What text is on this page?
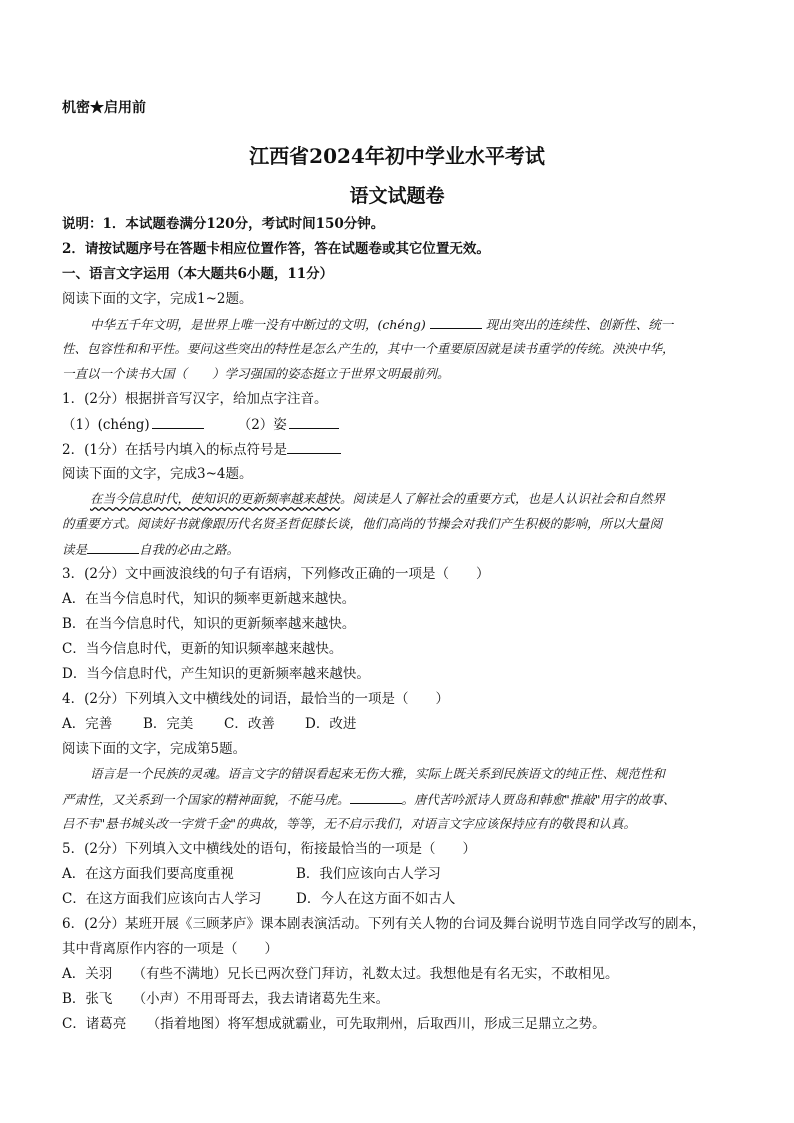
机密★启用前
江西省2024年初中学业水平考试
语文试题卷
说明：1．本试题卷满分120分，考试时间150分钟。
2．请按试题序号在答题卡相应位置作答，答在试题卷或其它位置无效。
一、语言文字运用（本大题共6小题，11分）
阅读下面的文字，完成1~2题。
中华五千年文明，是世界上唯一没有中断过的文明，(chéng)	现出突出的连续性、创新性、统一
性、包容性和和平性。要问这些突出的特性是怎么产生的，其中一个重要原因就是读书重学的传统。泱泱中华，
一直以一个读书大国（　　）学习强国的姿态挺立于世界文明最前列。
1．(2分）根据拼音写汉字，给加点字注音。
（1）(chéng)	（2）姿
2．(1分）在括号内填入的标点符号是
阅读下面的文字，完成3~4题。
在当今信息时代，使知识的更新频率越来越快。阅读是人了解社会的重要方式，也是人认识社会和自然界
的重要方式。阅读好书就像跟历代名贤圣哲促膝长谈，他们高尚的节操会对我们产生积极的影响，所以大量阅
读是	自我的必由之路。
3．(2分）文中画波浪线的句子有语病，下列修改正确的一项是（　　）
A．在当今信息时代，知识的频率更新越来越快。
B．在当今信息时代，知识的更新频率越来越快。
C．当今信息时代，更新的知识频率越来越快。
D．当今信息时代，产生知识的更新频率越来越快。
4．(2分）下列填入文中横线处的词语，最恰当的一项是（　　）
A．完善 B．完美 C．改善 D．改进
阅读下面的文字，完成第5题。
语言是一个民族的灵魂。语言文字的错误看起来无伤大雅，实际上既关系到民族语文的纯正性、规范性和
严肃性，又关系到一个国家的精神面貌，不能马虎。	。唐代苦吟派诗人贾岛和韩愈"推敲"用字的故事、
吕不韦"悬书城头改一字赏千金"的典故，等等，无不启示我们，对语言文字应该保持应有的敬畏和认真。
5．(2分）下列填入文中横线处的语句，衔接最恰当的一项是（　　）
A．在这方面我们要高度重视	B．我们应该向古人学习
C．在这方面我们应该向古人学习	D．今人在这方面不如古人
6．(2分）某班开展《三顾茅庐》课本剧表演活动。下列有关人物的台词及舞台说明节选自同学改写的剧本，
其中背离原作内容的一项是（　　）
A．关羽　　（有些不满地）兄长已两次登门拜访，礼数太过。我想他是有名无实，不敢相见。
B．张飞　　（小声）不用哥哥去，我去请诸葛先生来。
C．诸葛亮　　（指着地图）将军想成就霸业，可先取荆州，后取西川，形成三足鼎立之势。
